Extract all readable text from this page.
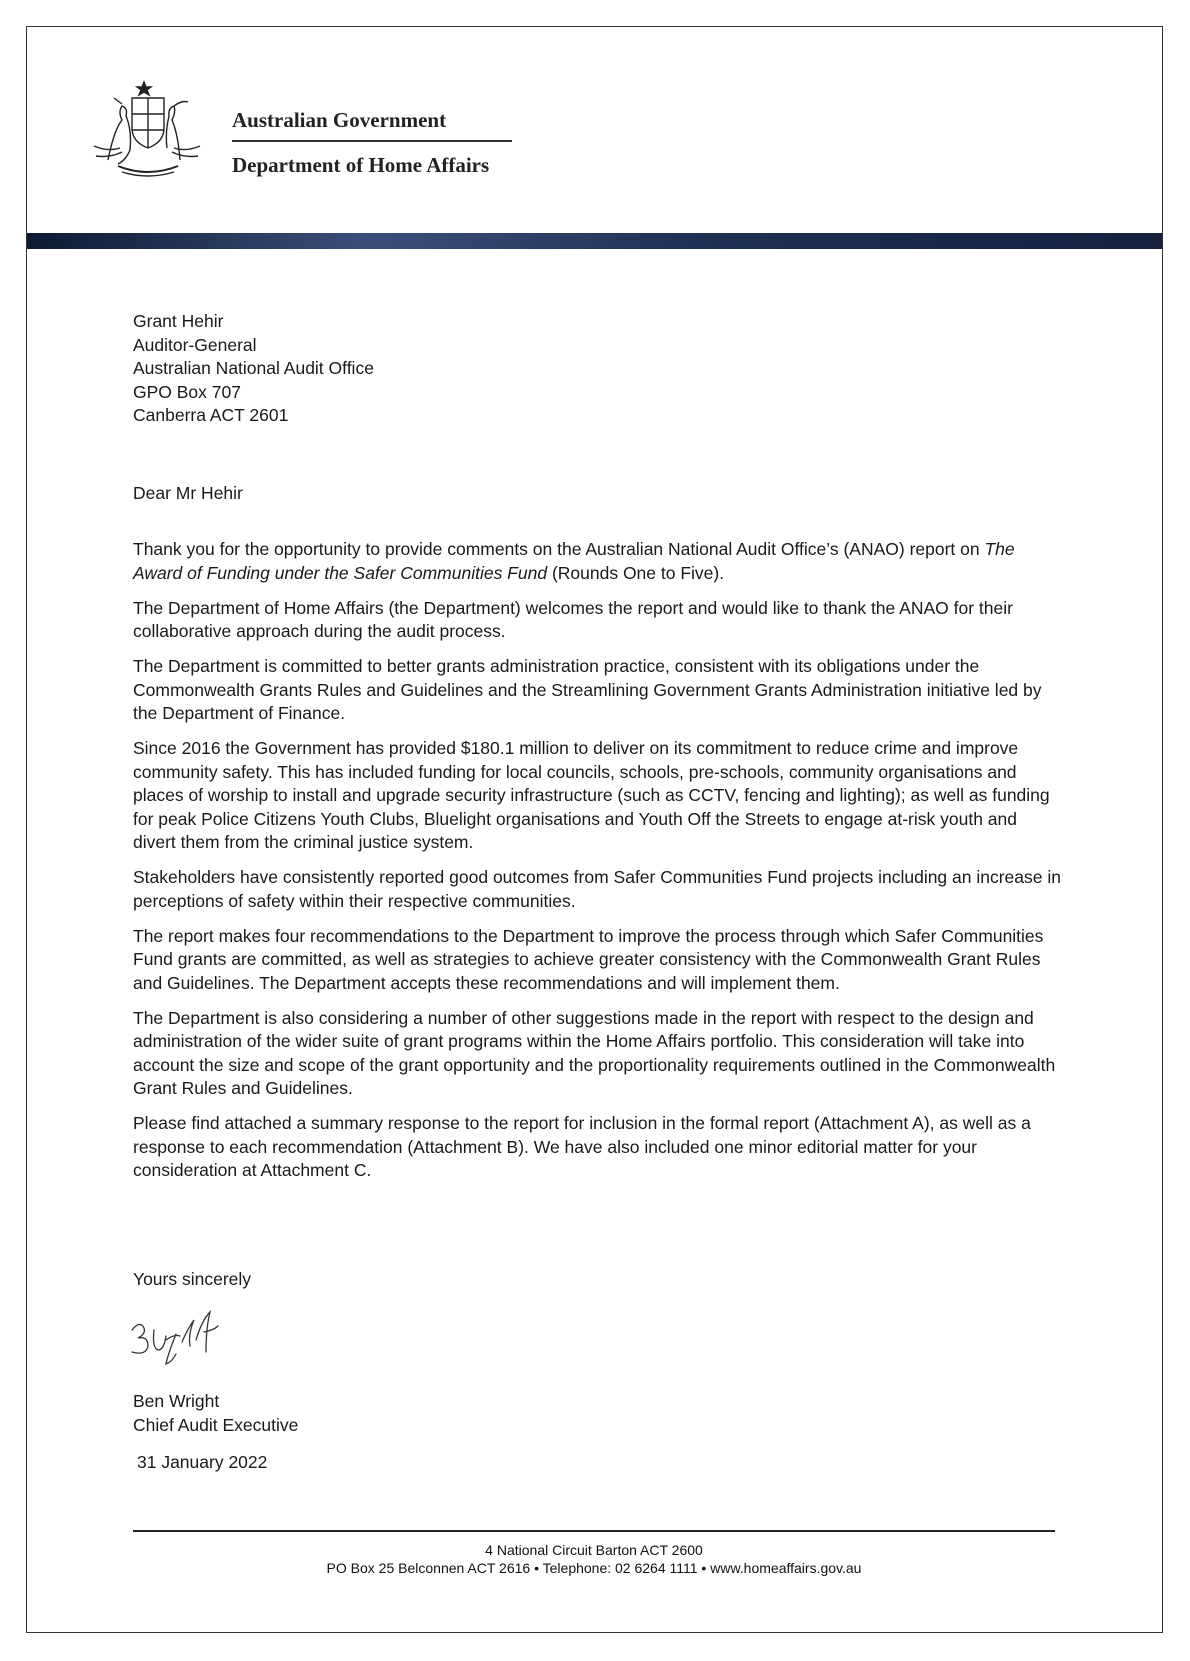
Australian Government
Department of Home Affairs
Grant Hehir
Auditor-General
Australian National Audit Office
GPO Box 707
Canberra ACT 2601
Dear Mr Hehir

Thank you for the opportunity to provide comments on the Australian National Audit Office’s (ANAO) report on The Award of Funding under the Safer Communities Fund (Rounds One to Five).

The Department of Home Affairs (the Department) welcomes the report and would like to thank the ANAO for their collaborative approach during the audit process.

The Department is committed to better grants administration practice, consistent with its obligations under the Commonwealth Grants Rules and Guidelines and the Streamlining Government Grants Administration initiative led by the Department of Finance.

Since 2016 the Government has provided $180.1 million to deliver on its commitment to reduce crime and improve community safety. This has included funding for local councils, schools, pre-schools, community organisations and places of worship to install and upgrade security infrastructure (such as CCTV, fencing and lighting); as well as funding for peak Police Citizens Youth Clubs, Bluelight organisations and Youth Off the Streets to engage at-risk youth and divert them from the criminal justice system.

Stakeholders have consistently reported good outcomes from Safer Communities Fund projects including an increase in perceptions of safety within their respective communities.

The report makes four recommendations to the Department to improve the process through which Safer Communities Fund grants are committed, as well as strategies to achieve greater consistency with the Commonwealth Grant Rules and Guidelines. The Department accepts these recommendations and will implement them.

The Department is also considering a number of other suggestions made in the report with respect to the design and administration of the wider suite of grant programs within the Home Affairs portfolio. This consideration will take into account the size and scope of the grant opportunity and the proportionality requirements outlined in the Commonwealth Grant Rules and Guidelines.

Please find attached a summary response to the report for inclusion in the formal report (Attachment A), as well as a response to each recommendation (Attachment B). We have also included one minor editorial matter for your consideration at Attachment C.

Yours sincerely
Ben Wright
Chief Audit Executive
31 January 2022
4 National Circuit Barton ACT 2600
PO Box 25 Belconnen ACT 2616 • Telephone: 02 6264 1111 • www.homeaffairs.gov.au
